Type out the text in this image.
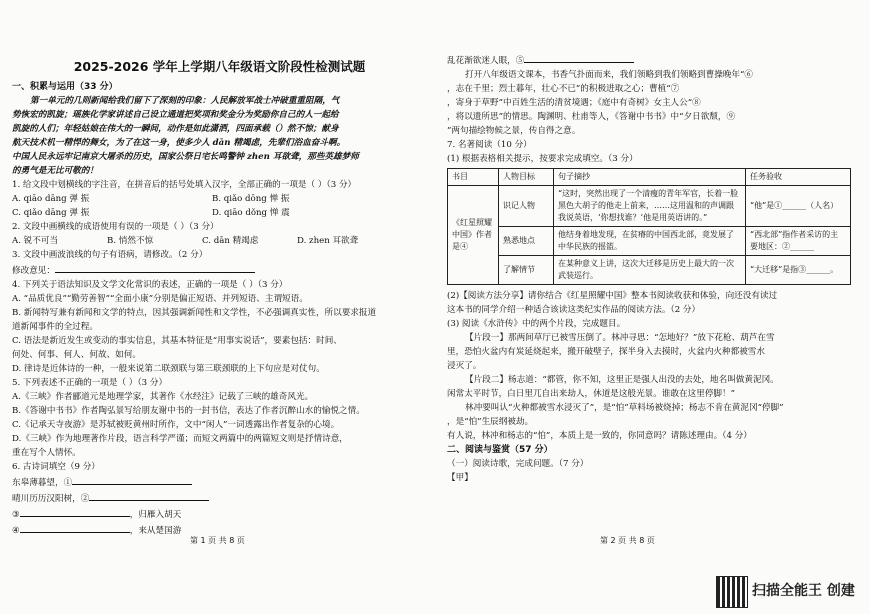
2025-2026 学年上学期八年级语文阶段性检测试题
一、积累与运用（33 分）

第一单元的几则新闻给我们留下了深刻的印象：人民解放军战士冲破重重阻隔，气

势恢宏的凯旋；瑶族化学家讲述自己设立通道把奖项和奖金分为奖励你自己的人一起给

凯旋的人们；年轻姑娘在伟大的一瞬间，动作是如此潇洒，四面承载（）然不惊；献身

航天技术机一精悍的舞女，为了在这一身，使多少人 dān 精竭虑，先辈们浴血奋斗啊。

中国人民永远牢记南京大屠杀的历史，国家公祭日宅长鸣警钟 zhen 耳欲聋，那些英雄梦师

的勇气是无比可敬的！

1. 给文段中划横线的字注音，在拼音后的括号处填入汉字，全部正确的一项是（ ）（3 分）

A. qiāo dāng 弹 振	B. qiǎo dōng 惮 振

C. qiǎo dāng 弹 振	D. qiāo dǒng 惮 震

2. 文段中画横线的成语使用有误的一项是（ ）（3 分）

A. 锐不可当	B. 悄然不惊	C. dān 精竭虑	D. zhen 耳欲聋

3. 文段中画波浪线的句子有语病，请修改。（2 分）

修改意见：

4. 下列关于语法知识及文学文化常识的表述，正确的一项是（ ）（3 分）

A. “品质优良”“勤劳善智”“全面小康”分别是偏正短语、并列短语、主谓短语。

B. 新闻特写兼有新闻和文学的特点，因其强调新闻性和文学性，不必强调真实性，所以要求报道

道新闻事件的全过程。

C. 语法是新近发生或变动的事实信息，其基本特征是“用事实说话”，要素包括：时间、

何处、何事、何人、何故、如何。

D. 律诗是近体诗的一种，一般来说第二联颈联与第三联颈联的上下句应是对仗句。

5. 下列表述不正确的一项是（ ）（3 分）

A.《三峡》作者郦道元是地理学家，其著作《水经注》记载了三峡的雄奇风光。

B.《答谢中书书》作者陶弘景写给朋友谢中书的一封书信，表达了作者沉醉山水的愉悦之情。

C.《记承天寺夜游》是苏轼被贬黄州时所作，文中“闲人”一词透露出作者复杂的心境。

D.《三峡》作为地理著作片段，语言科学严谨；而短文两篇中的两篇短文则是抒情诗意，

重在写个人情怀。

6. 古诗词填空（9 分）

东皋薄暮望，①

晴川历历汉阳树，②

③	，归雁入胡天

④	，来从楚国游

第 1 页 共 8 页

乱花渐欲迷人眼，⑤

打开八年级语文课本，书香气扑面而来，我们领略到我们领略到曹操晚年“⑥

，志在千里；烈士暮年，壮心不已”的积极进取之心；曹植“⑦

，寄身于草野”中百姓生活的清贫境遇；《庭中有奇树》女主人公“⑧

，将以遗所思”的情思。陶渊明、杜甫等人，《答谢中书书》中“夕日欲颓，⑨

”两句描绘物候之景，传自得之意。

7. 名著阅读（10 分）

(1) 根据表格相关提示，按要求完成填空。（3 分）

书目	人物目标	句子摘抄	任务验收
《红星照耀中国》作者是④	识记人物	“这时，突然出现了一个清瘦的青年军官，长着一脸黑色大胡子的他走上前来，……这用温和的声调跟我说英语，‘你想找谁？’他是用英语讲的。”	“他”是①______（人名）
	熟悉地点	他结身着地发现，在贫瘠的中国西北部，竟发展了中华民族的摇篮。	“西北部”指作者采访的主要地区：②______
	了解情节	在某种意义上讲，这次大迁移是历史上最大的一次武装巡行。	“大迁移”是指③______。

(2)【阅读方法分享】请你结合《红星照耀中国》整本书阅读收获和体验，向还没有读过

这本书的同学介绍一种适合该读这类纪实作品的阅读方法。（2 分）

(3) 阅读《水浒传》中的两个片段，完成题目。

【片段一】那两间草厅已被雪压倒了。林冲寻思：“怎地好？”放下花枪、葫芦在雪

里，恐怕火盆内有炭延烧起来，搬开破壁子，探半身入去摸时，火盆内火种都被雪水

浸灭了。

【片段二】杨志道：“都管，你不知，这里正是强人出没的去处，地名叫做黄泥冈。

闲常太平时节，白日里兀自出来劫人，休道是这般光景。谁敢在这里停脚！”

林冲要叫认“火种都被雪水浸灭了”，是“怕”草料场被烧掉；杨志不肯在黄泥冈“停脚”

，是“怕”生辰纲被劫。

有人说，林冲和杨志的“怕”，本质上是一致的，你同意吗？请陈述理由。（4 分）

二、阅读与鉴赏（57 分）

（一）阅读诗歌，完成问题。（7 分）

【甲】

第 2 页 共 8 页
扫描全能王 创建
